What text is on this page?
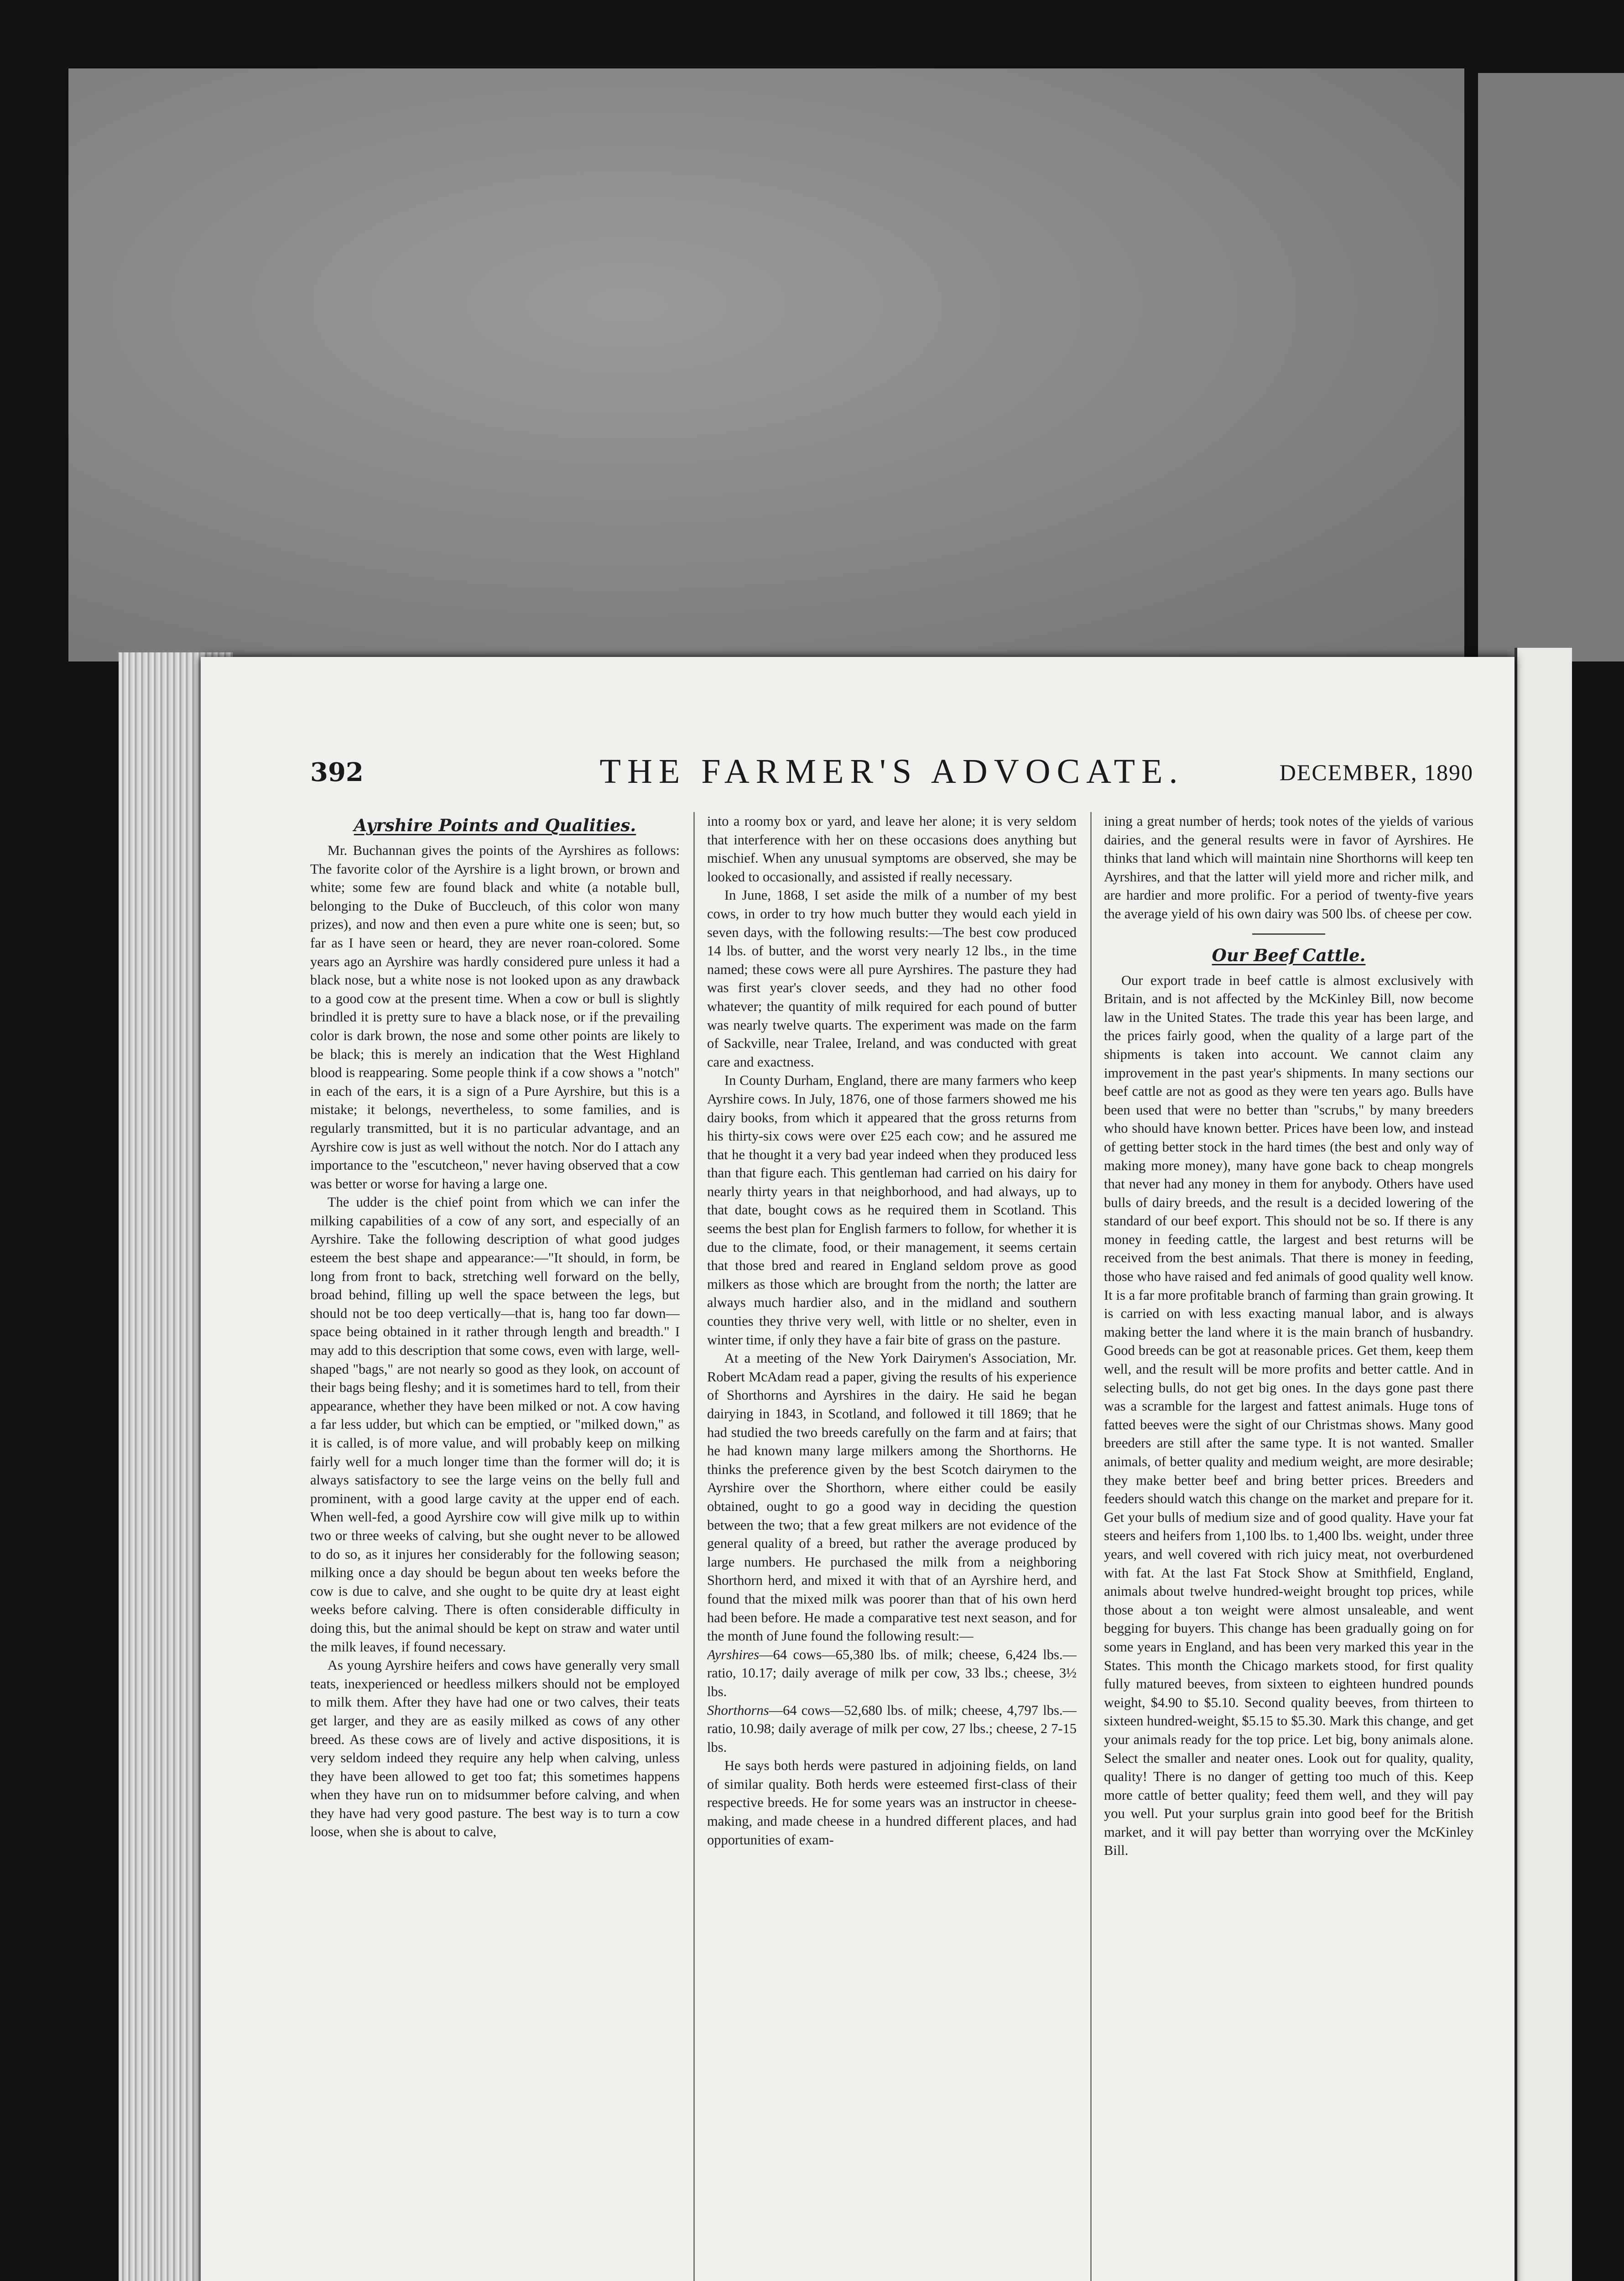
392	THE FARMER'S ADVOCATE.	DECEMBER, 1890
Ayrshire Points and Qualities.

Mr. Buchannan gives the points of the Ayrshires as follows: The favorite color of the Ayrshire is a light brown, or brown and white; some few are found black and white (a notable bull, belonging to the Duke of Buccleuch, of this color won many prizes), and now and then even a pure white one is seen; but, so far as I have seen or heard, they are never roan-colored. Some years ago an Ayrshire was hardly considered pure unless it had a black nose, but a white nose is not looked upon as any drawback to a good cow at the present time. When a cow or bull is slightly brindled it is pretty sure to have a black nose, or if the prevailing color is dark brown, the nose and some other points are likely to be black; this is merely an indication that the West Highland blood is reappearing. Some people think if a cow shows a "notch" in each of the ears, it is a sign of a Pure Ayrshire, but this is a mistake; it belongs, nevertheless, to some families, and is regularly transmitted, but it is no particular advantage, and an Ayrshire cow is just as well without the notch. Nor do I attach any importance to the "escutcheon," never having observed that a cow was better or worse for having a large one.

The udder is the chief point from which we can infer the milking capabilities of a cow of any sort, and especially of an Ayrshire. Take the following description of what good judges esteem the best shape and appearance:—"It should, in form, be long from front to back, stretching well forward on the belly, broad behind, filling up well the space between the legs, but should not be too deep vertically—that is, hang too far down—space being obtained in it rather through length and breadth." I may add to this description that some cows, even with large, well-shaped "bags," are not nearly so good as they look, on account of their bags being fleshy; and it is sometimes hard to tell, from their appearance, whether they have been milked or not. A cow having a far less udder, but which can be emptied, or "milked down," as it is called, is of more value, and will probably keep on milking fairly well for a much longer time than the former will do; it is always satisfactory to see the large veins on the belly full and prominent, with a good large cavity at the upper end of each. When well-fed, a good Ayrshire cow will give milk up to within two or three weeks of calving, but she ought never to be allowed to do so, as it injures her considerably for the following season; milking once a day should be begun about ten weeks before the cow is due to calve, and she ought to be quite dry at least eight weeks before calving. There is often considerable difficulty in doing this, but the animal should be kept on straw and water until the milk leaves, if found necessary.

As young Ayrshire heifers and cows have generally very small teats, inexperienced or heedless milkers should not be employed to milk them. After they have had one or two calves, their teats get larger, and they are as easily milked as cows of any other breed. As these cows are of lively and active dispositions, it is very seldom indeed they require any help when calving, unless they have been allowed to get too fat; this sometimes happens when they have run on to midsummer before calving, and when they have had very good pasture. The best way is to turn a cow loose, when she is about to calve,

into a roomy box or yard, and leave her alone; it is very seldom that interference with her on these occasions does anything but mischief. When any unusual symptoms are observed, she may be looked to occasionally, and assisted if really necessary.

In June, 1868, I set aside the milk of a number of my best cows, in order to try how much butter they would each yield in seven days, with the following results:—The best cow produced 14 lbs. of butter, and the worst very nearly 12 lbs., in the time named; these cows were all pure Ayrshires. The pasture they had was first year's clover seeds, and they had no other food whatever; the quantity of milk required for each pound of butter was nearly twelve quarts. The experiment was made on the farm of Sackville, near Tralee, Ireland, and was conducted with great care and exactness.

In County Durham, England, there are many farmers who keep Ayrshire cows. In July, 1876, one of those farmers showed me his dairy books, from which it appeared that the gross returns from his thirty-six cows were over £25 each cow; and he assured me that he thought it a very bad year indeed when they produced less than that figure each. This gentleman had carried on his dairy for nearly thirty years in that neighborhood, and had always, up to that date, bought cows as he required them in Scotland. This seems the best plan for English farmers to follow, for whether it is due to the climate, food, or their management, it seems certain that those bred and reared in England seldom prove as good milkers as those which are brought from the north; the latter are always much hardier also, and in the midland and southern counties they thrive very well, with little or no shelter, even in winter time, if only they have a fair bite of grass on the pasture.

At a meeting of the New York Dairymen's Association, Mr. Robert McAdam read a paper, giving the results of his experience of Shorthorns and Ayrshires in the dairy. He said he began dairying in 1843, in Scotland, and followed it till 1869; that he had studied the two breeds carefully on the farm and at fairs; that he had known many large milkers among the Shorthorns. He thinks the preference given by the best Scotch dairymen to the Ayrshire over the Shorthorn, where either could be easily obtained, ought to go a good way in deciding the question between the two; that a few great milkers are not evidence of the general quality of a breed, but rather the average produced by large numbers. He purchased the milk from a neighboring Shorthorn herd, and mixed it with that of an Ayrshire herd, and found that the mixed milk was poorer than that of his own herd had been before. He made a comparative test next season, and for the month of June found the following result:—

Ayrshires—64 cows—65,380 lbs. of milk; cheese, 6,424 lbs.—ratio, 10.17; daily average of milk per cow, 33 lbs.; cheese, 3½ lbs.

Shorthorns—64 cows—52,680 lbs. of milk; cheese, 4,797 lbs.—ratio, 10.98; daily average of milk per cow, 27 lbs.; cheese, 2 7-15 lbs.

He says both herds were pastured in adjoining fields, on land of similar quality. Both herds were esteemed first-class of their respective breeds. He for some years was an instructor in cheese-making, and made cheese in a hundred different places, and had opportunities of exam-

ining a great number of herds; took notes of the yields of various dairies, and the general results were in favor of Ayrshires. He thinks that land which will maintain nine Shorthorns will keep ten Ayrshires, and that the latter will yield more and richer milk, and are hardier and more prolific. For a period of twenty-five years the average yield of his own dairy was 500 lbs. of cheese per cow.

Our Beef Cattle.

Our export trade in beef cattle is almost exclusively with Britain, and is not affected by the McKinley Bill, now become law in the United States. The trade this year has been large, and the prices fairly good, when the quality of a large part of the shipments is taken into account. We cannot claim any improvement in the past year's shipments. In many sections our beef cattle are not as good as they were ten years ago. Bulls have been used that were no better than "scrubs," by many breeders who should have known better. Prices have been low, and instead of getting better stock in the hard times (the best and only way of making more money), many have gone back to cheap mongrels that never had any money in them for anybody. Others have used bulls of dairy breeds, and the result is a decided lowering of the standard of our beef export. This should not be so. If there is any money in feeding cattle, the largest and best returns will be received from the best animals. That there is money in feeding, those who have raised and fed animals of good quality well know. It is a far more profitable branch of farming than grain growing. It is carried on with less exacting manual labor, and is always making better the land where it is the main branch of husbandry. Good breeds can be got at reasonable prices. Get them, keep them well, and the result will be more profits and better cattle. And in selecting bulls, do not get big ones. In the days gone past there was a scramble for the largest and fattest animals. Huge tons of fatted beeves were the sight of our Christmas shows. Many good breeders are still after the same type. It is not wanted. Smaller animals, of better quality and medium weight, are more desirable; they make better beef and bring better prices. Breeders and feeders should watch this change on the market and prepare for it. Get your bulls of medium size and of good quality. Have your fat steers and heifers from 1,100 lbs. to 1,400 lbs. weight, under three years, and well covered with rich juicy meat, not overburdened with fat. At the last Fat Stock Show at Smithfield, England, animals about twelve hundred-weight brought top prices, while those about a ton weight were almost unsaleable, and went begging for buyers. This change has been gradually going on for some years in England, and has been very marked this year in the States. This month the Chicago markets stood, for first quality fully matured beeves, from sixteen to eighteen hundred pounds weight, $4.90 to $5.10. Second quality beeves, from thirteen to sixteen hundred-weight, $5.15 to $5.30. Mark this change, and get your animals ready for the top price. Let big, bony animals alone. Select the smaller and neater ones. Look out for quality, quality, quality! There is no danger of getting too much of this. Keep more cattle of better quality; feed them well, and they will pay you well. Put your surplus grain into good beef for the British market, and it will pay better than worrying over the McKinley Bill.
